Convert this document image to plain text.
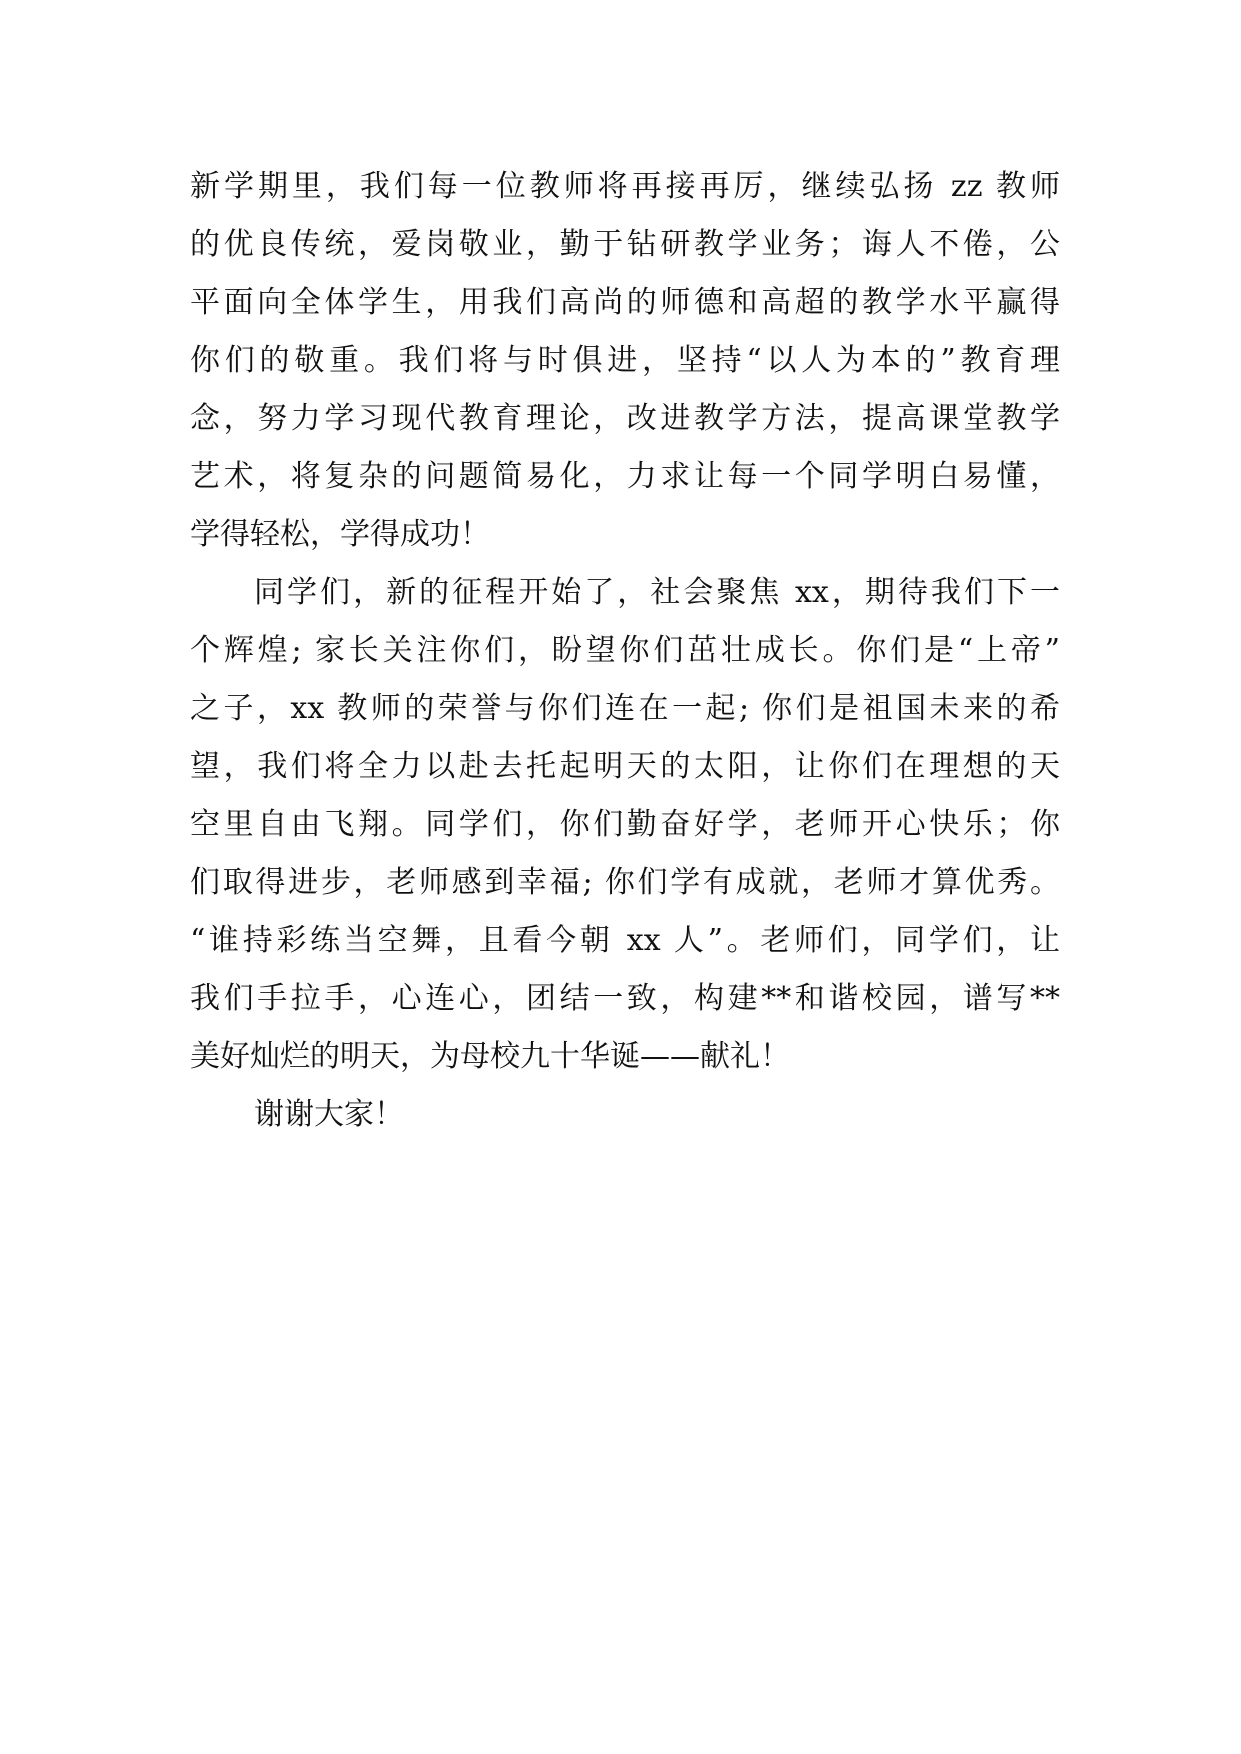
新学期里，我们每一位教师将再接再厉，继续弘扬 zz 教师
的优良传统，爱岗敬业，勤于钻研教学业务；诲人不倦，公
平面向全体学生，用我们高尚的师德和高超的教学水平赢得
你们的敬重。我们将与时俱进，坚持“以人为本的”教育理
念，努力学习现代教育理论，改进教学方法，提高课堂教学
艺术，将复杂的问题简易化，力求让每一个同学明白易懂，
学得轻松，学得成功！
同学们，新的征程开始了，社会聚焦 xx，期待我们下一
个辉煌; 家长关注你们，盼望你们茁壮成长。你们是“上帝”
之子，xx 教师的荣誉与你们连在一起; 你们是祖国未来的希
望，我们将全力以赴去托起明天的太阳，让你们在理想的天
空里自由飞翔。同学们，你们勤奋好学，老师开心快乐；你
们取得进步，老师感到幸福; 你们学有成就，老师才算优秀。
“谁持彩练当空舞，且看今朝 xx 人”。老师们，同学们，让
我们手拉手，心连心，团结一致，构建**和谐校园，谱写**
美好灿烂的明天，为母校九十华诞——献礼！
谢谢大家！
